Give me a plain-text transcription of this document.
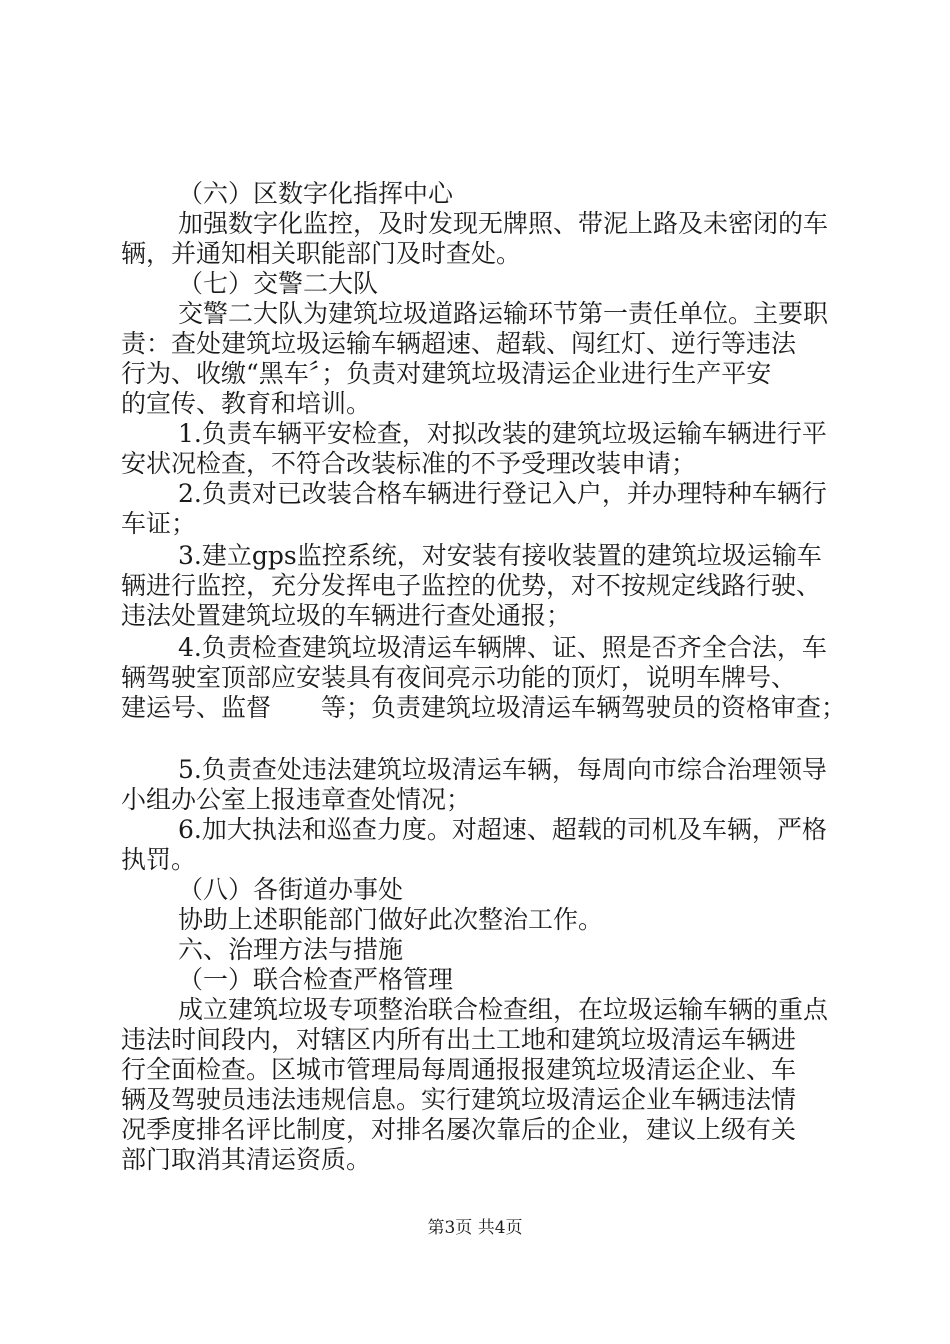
（六）区数字化指挥中心
加强数字化监控，及时发现无牌照、带泥上路及未密闭的车
辆，并通知相关职能部门及时查处。
（七）交警二大队
交警二大队为建筑垃圾道路运输环节第一责任单位。主要职
责：查处建筑垃圾运输车辆超速、超载、闯红灯、逆行等违法
行为、收缴“黑车〞；负责对建筑垃圾清运企业进行生产平安
的宣传、教育和培训。
1.负责车辆平安检查，对拟改装的建筑垃圾运输车辆进行平
安状况检查，不符合改装标准的不予受理改装申请；
2.负责对已改装合格车辆进行登记入户，并办理特种车辆行
车证；
3.建立gps监控系统，对安装有接收装置的建筑垃圾运输车
辆进行监控，充分发挥电子监控的优势，对不按规定线路行驶、
违法处置建筑垃圾的车辆进行查处通报；
4.负责检查建筑垃圾清运车辆牌、证、照是否齐全合法，车
辆驾驶室顶部应安装具有夜间亮示功能的顶灯，说明车牌号、
建运号、监督　　等；负责建筑垃圾清运车辆驾驶员的资格审查；
5.负责查处违法建筑垃圾清运车辆，每周向市综合治理领导
小组办公室上报违章查处情况；
6.加大执法和巡查力度。对超速、超载的司机及车辆，严格
执罚。
（八）各街道办事处
协助上述职能部门做好此次整治工作。
六、治理方法与措施
（一）联合检查严格管理
成立建筑垃圾专项整治联合检查组，在垃圾运输车辆的重点
违法时间段内，对辖区内所有出土工地和建筑垃圾清运车辆进
行全面检查。区城市管理局每周通报报建筑垃圾清运企业、车
辆及驾驶员违法违规信息。实行建筑垃圾清运企业车辆违法情
况季度排名评比制度，对排名屡次靠后的企业，建议上级有关
部门取消其清运资质。
第3页 共4页
